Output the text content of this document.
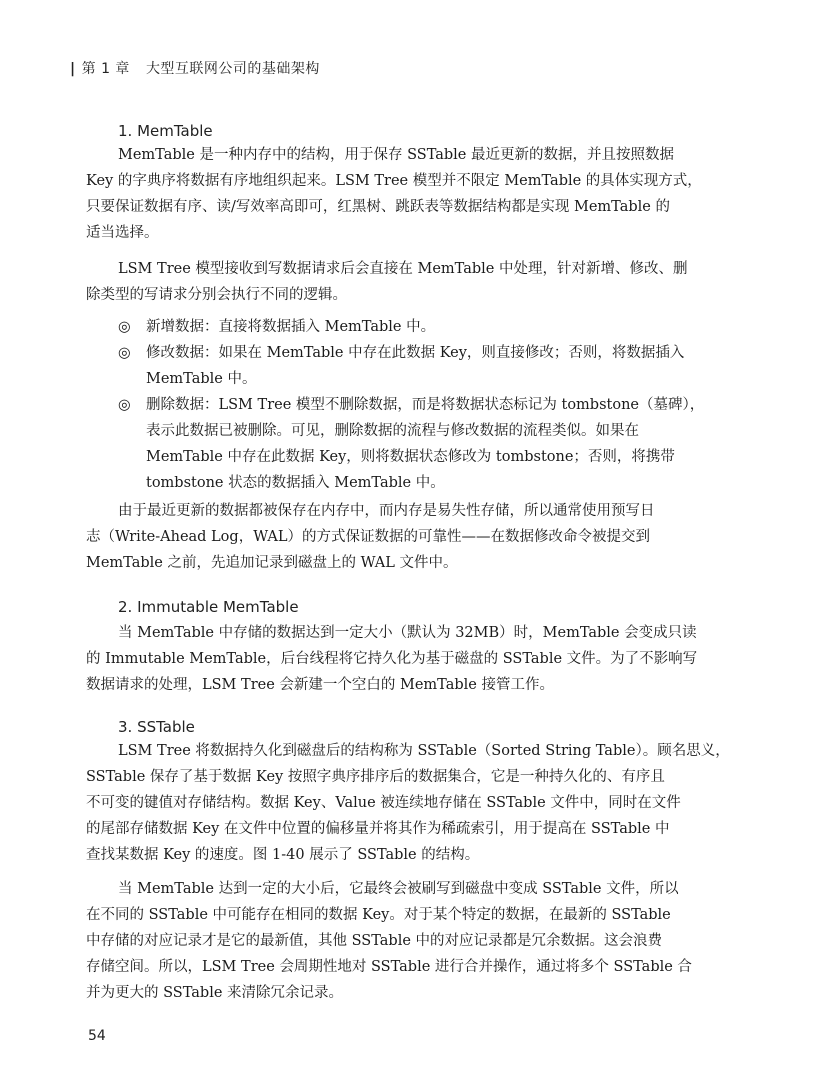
| 第 1 章 大型互联网公司的基础架构
1. MemTable
MemTable 是一种内存中的结构，用于保存 SSTable 最近更新的数据，并且按照数据
Key 的字典序将数据有序地组织起来。LSM Tree 模型并不限定 MemTable 的具体实现方式，
只要保证数据有序、读/写效率高即可，红黑树、跳跃表等数据结构都是实现 MemTable 的
适当选择。
LSM Tree 模型接收到写数据请求后会直接在 MemTable 中处理，针对新增、修改、删
除类型的写请求分别会执行不同的逻辑。
◎	新增数据：直接将数据插入 MemTable 中。
◎	修改数据：如果在 MemTable 中存在此数据 Key，则直接修改；否则，将数据插入
MemTable 中。
◎	删除数据：LSM Tree 模型不删除数据，而是将数据状态标记为 tombstone（墓碑），
表示此数据已被删除。可见，删除数据的流程与修改数据的流程类似。如果在
MemTable 中存在此数据 Key，则将数据状态修改为 tombstone；否则，将携带
tombstone 状态的数据插入 MemTable 中。
由于最近更新的数据都被保存在内存中，而内存是易失性存储，所以通常使用预写日
志（Write-Ahead Log，WAL）的方式保证数据的可靠性——在数据修改命令被提交到
MemTable 之前，先追加记录到磁盘上的 WAL 文件中。
2. Immutable MemTable
当 MemTable 中存储的数据达到一定大小（默认为 32MB）时，MemTable 会变成只读
的 Immutable MemTable，后台线程将它持久化为基于磁盘的 SSTable 文件。为了不影响写
数据请求的处理，LSM Tree 会新建一个空白的 MemTable 接管工作。
3. SSTable
LSM Tree 将数据持久化到磁盘后的结构称为 SSTable（Sorted String Table）。顾名思义，
SSTable 保存了基于数据 Key 按照字典序排序后的数据集合，它是一种持久化的、有序且
不可变的键值对存储结构。数据 Key、Value 被连续地存储在 SSTable 文件中，同时在文件
的尾部存储数据 Key 在文件中位置的偏移量并将其作为稀疏索引，用于提高在 SSTable 中
查找某数据 Key 的速度。图 1-40 展示了 SSTable 的结构。
当 MemTable 达到一定的大小后，它最终会被刷写到磁盘中变成 SSTable 文件，所以
在不同的 SSTable 中可能存在相同的数据 Key。对于某个特定的数据，在最新的 SSTable
中存储的对应记录才是它的最新值，其他 SSTable 中的对应记录都是冗余数据。这会浪费
存储空间。所以，LSM Tree 会周期性地对 SSTable 进行合并操作，通过将多个 SSTable 合
并为更大的 SSTable 来清除冗余记录。
54
